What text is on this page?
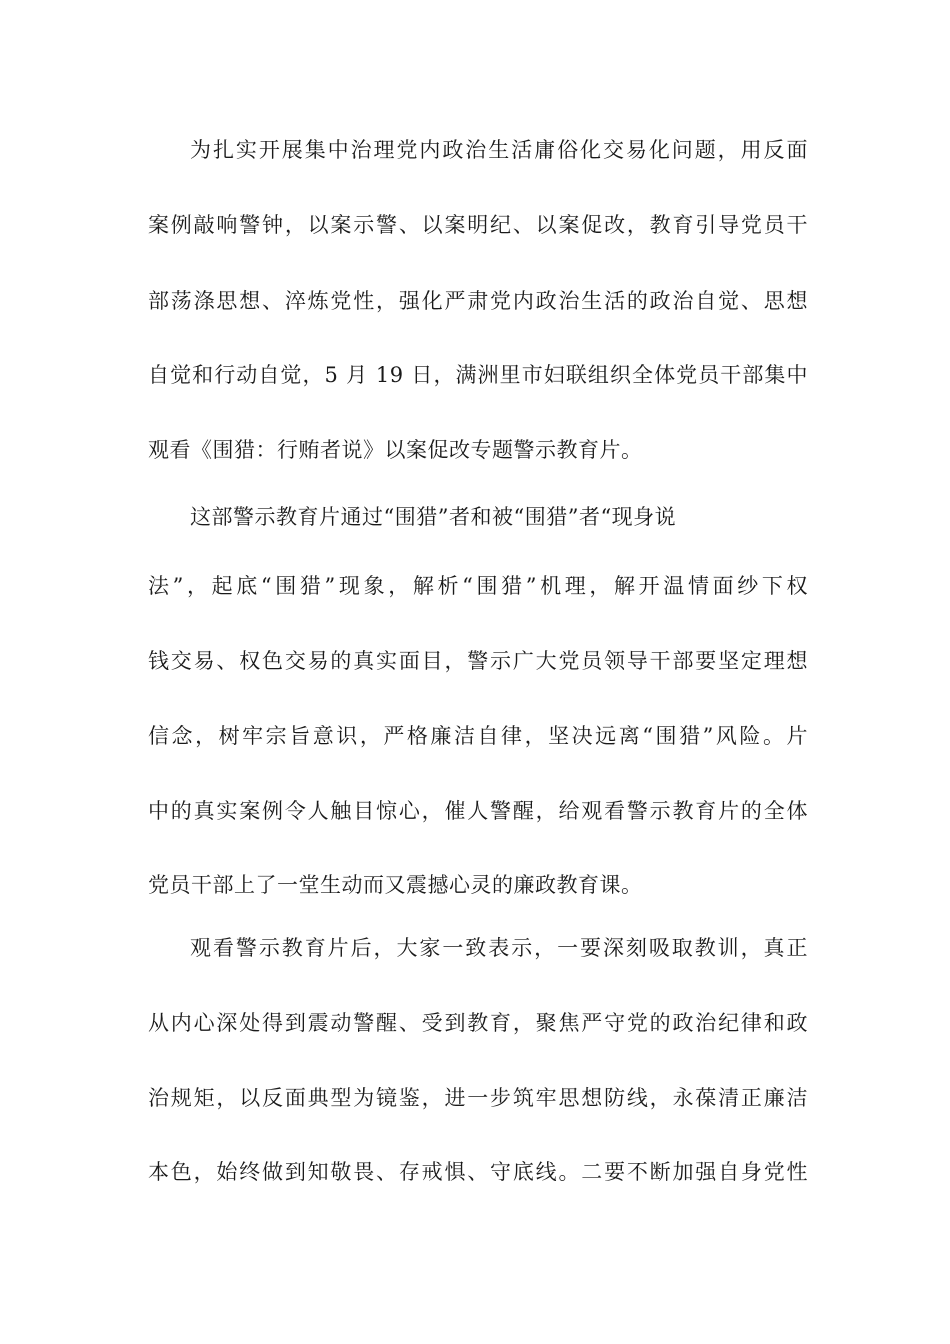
为扎实开展集中治理党内政治生活庸俗化交易化问题，用反面
案例敲响警钟，以案示警、以案明纪、以案促改，教育引导党员干
部荡涤思想、淬炼党性，强化严肃党内政治生活的政治自觉、思想
自觉和行动自觉，5 月 19 日，满洲里市妇联组织全体党员干部集中
观看《围猎：行贿者说》以案促改专题警示教育片。
这部警示教育片通过“围猎”者和被“围猎”者“现身说
法”，起底“围猎”现象，解析“围猎”机理，解开温情面纱下权
钱交易、权色交易的真实面目，警示广大党员领导干部要坚定理想
信念，树牢宗旨意识，严格廉洁自律，坚决远离“围猎”风险。片
中的真实案例令人触目惊心，催人警醒，给观看警示教育片的全体
党员干部上了一堂生动而又震撼心灵的廉政教育课。
观看警示教育片后，大家一致表示，一要深刻吸取教训，真正
从内心深处得到震动警醒、受到教育，聚焦严守党的政治纪律和政
治规矩，以反面典型为镜鉴，进一步筑牢思想防线，永葆清正廉洁
本色，始终做到知敬畏、存戒惧、守底线。二要不断加强自身党性
